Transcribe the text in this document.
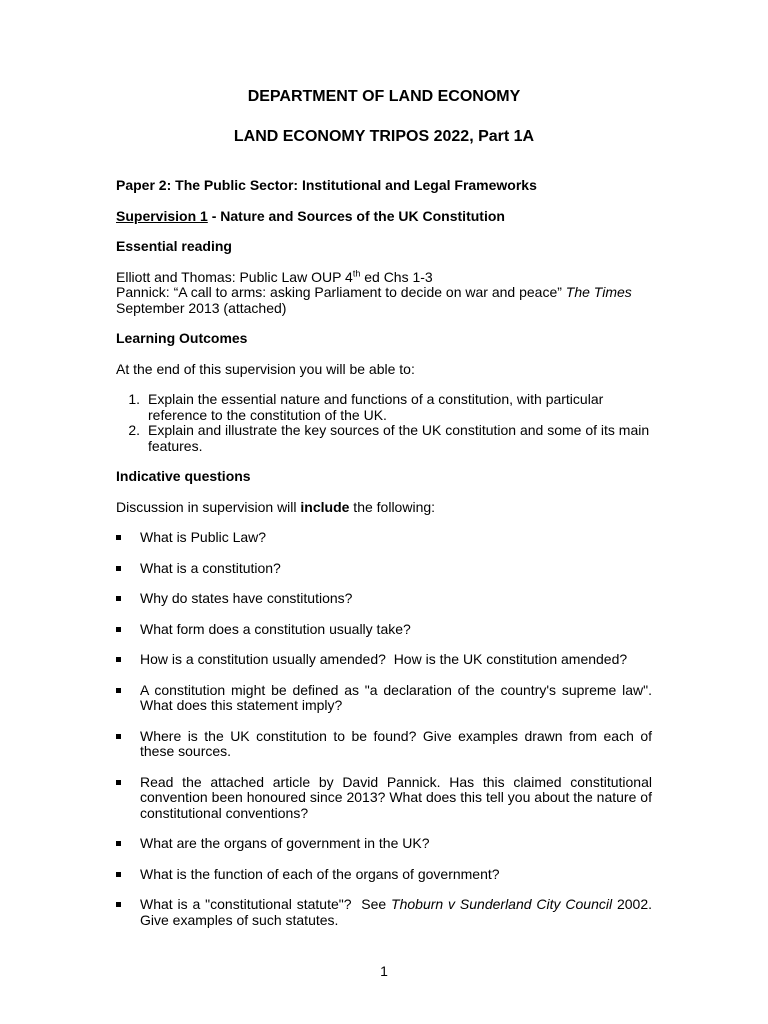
DEPARTMENT OF LAND ECONOMY
LAND ECONOMY TRIPOS 2022, Part 1A

Paper 2: The Public Sector: Institutional and Legal Frameworks

Supervision 1 - Nature and Sources of the UK Constitution

Essential reading

Elliott and Thomas: Public Law OUP 4th ed Chs 1-3
Pannick: “A call to arms: asking Parliament to decide on war and peace” The Times
September 2013 (attached)

Learning Outcomes

At the end of this supervision you will be able to:

1. Explain the essential nature and functions of a constitution, with particular reference to the constitution of the UK.
2. Explain and illustrate the key sources of the UK constitution and some of its main features.

Indicative questions

Discussion in supervision will include the following:

What is Public Law?
What is a constitution?
Why do states have constitutions?
What form does a constitution usually take?
How is a constitution usually amended?  How is the UK constitution amended?
A constitution might be defined as "a declaration of the country's supreme law". What does this statement imply?
Where is the UK constitution to be found? Give examples drawn from each of these sources.
Read the attached article by David Pannick. Has this claimed constitutional convention been honoured since 2013? What does this tell you about the nature of constitutional conventions?
What are the organs of government in the UK?
What is the function of each of the organs of government?
What is a "constitutional statute"?  See Thoburn v Sunderland City Council 2002.  Give examples of such statutes.
1
